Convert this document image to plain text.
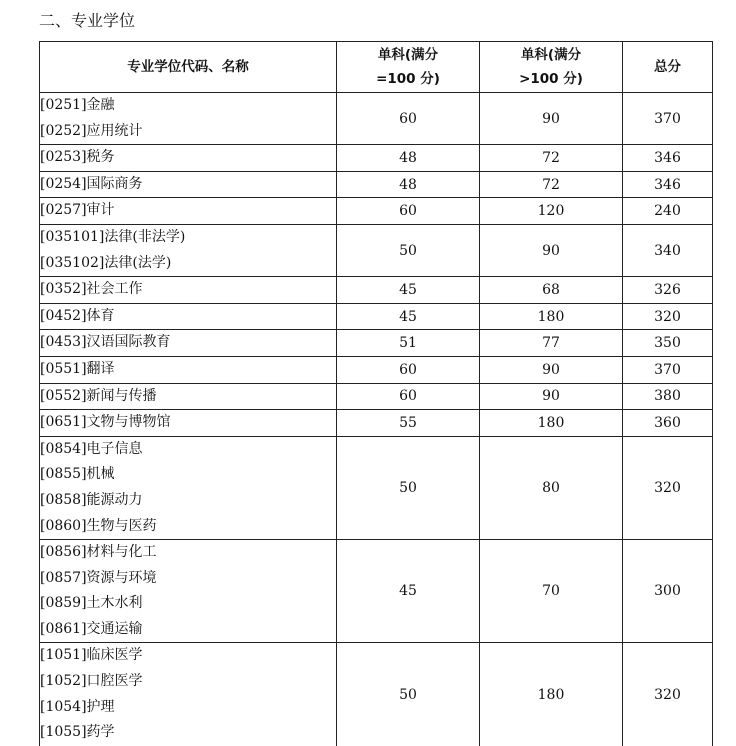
二、专业学位
专业学位代码、名称	单科(满分
=100 分)	单科(满分
>100 分)	总分

[0251]金融
[0252]应用统计	60	90	370

[0253]税务	48	72	346

[0254]国际商务	48	72	346

[0257]审计	60	120	240

[035101]法律(非法学)
[035102]法律(法学)	50	90	340

[0352]社会工作	45	68	326

[0452]体育	45	180	320

[0453]汉语国际教育	51	77	350

[0551]翻译	60	90	370

[0552]新闻与传播	60	90	380

[0651]文物与博物馆	55	180	360

[0854]电子信息
[0855]机械
[0858]能源动力
[0860]生物与医药	50	80	320

[0856]材料与化工
[0857]资源与环境
[0859]土木水利
[0861]交通运输	45	70	300

[1051]临床医学
[1052]口腔医学
[1054]护理
[1055]药学	50	180	320
